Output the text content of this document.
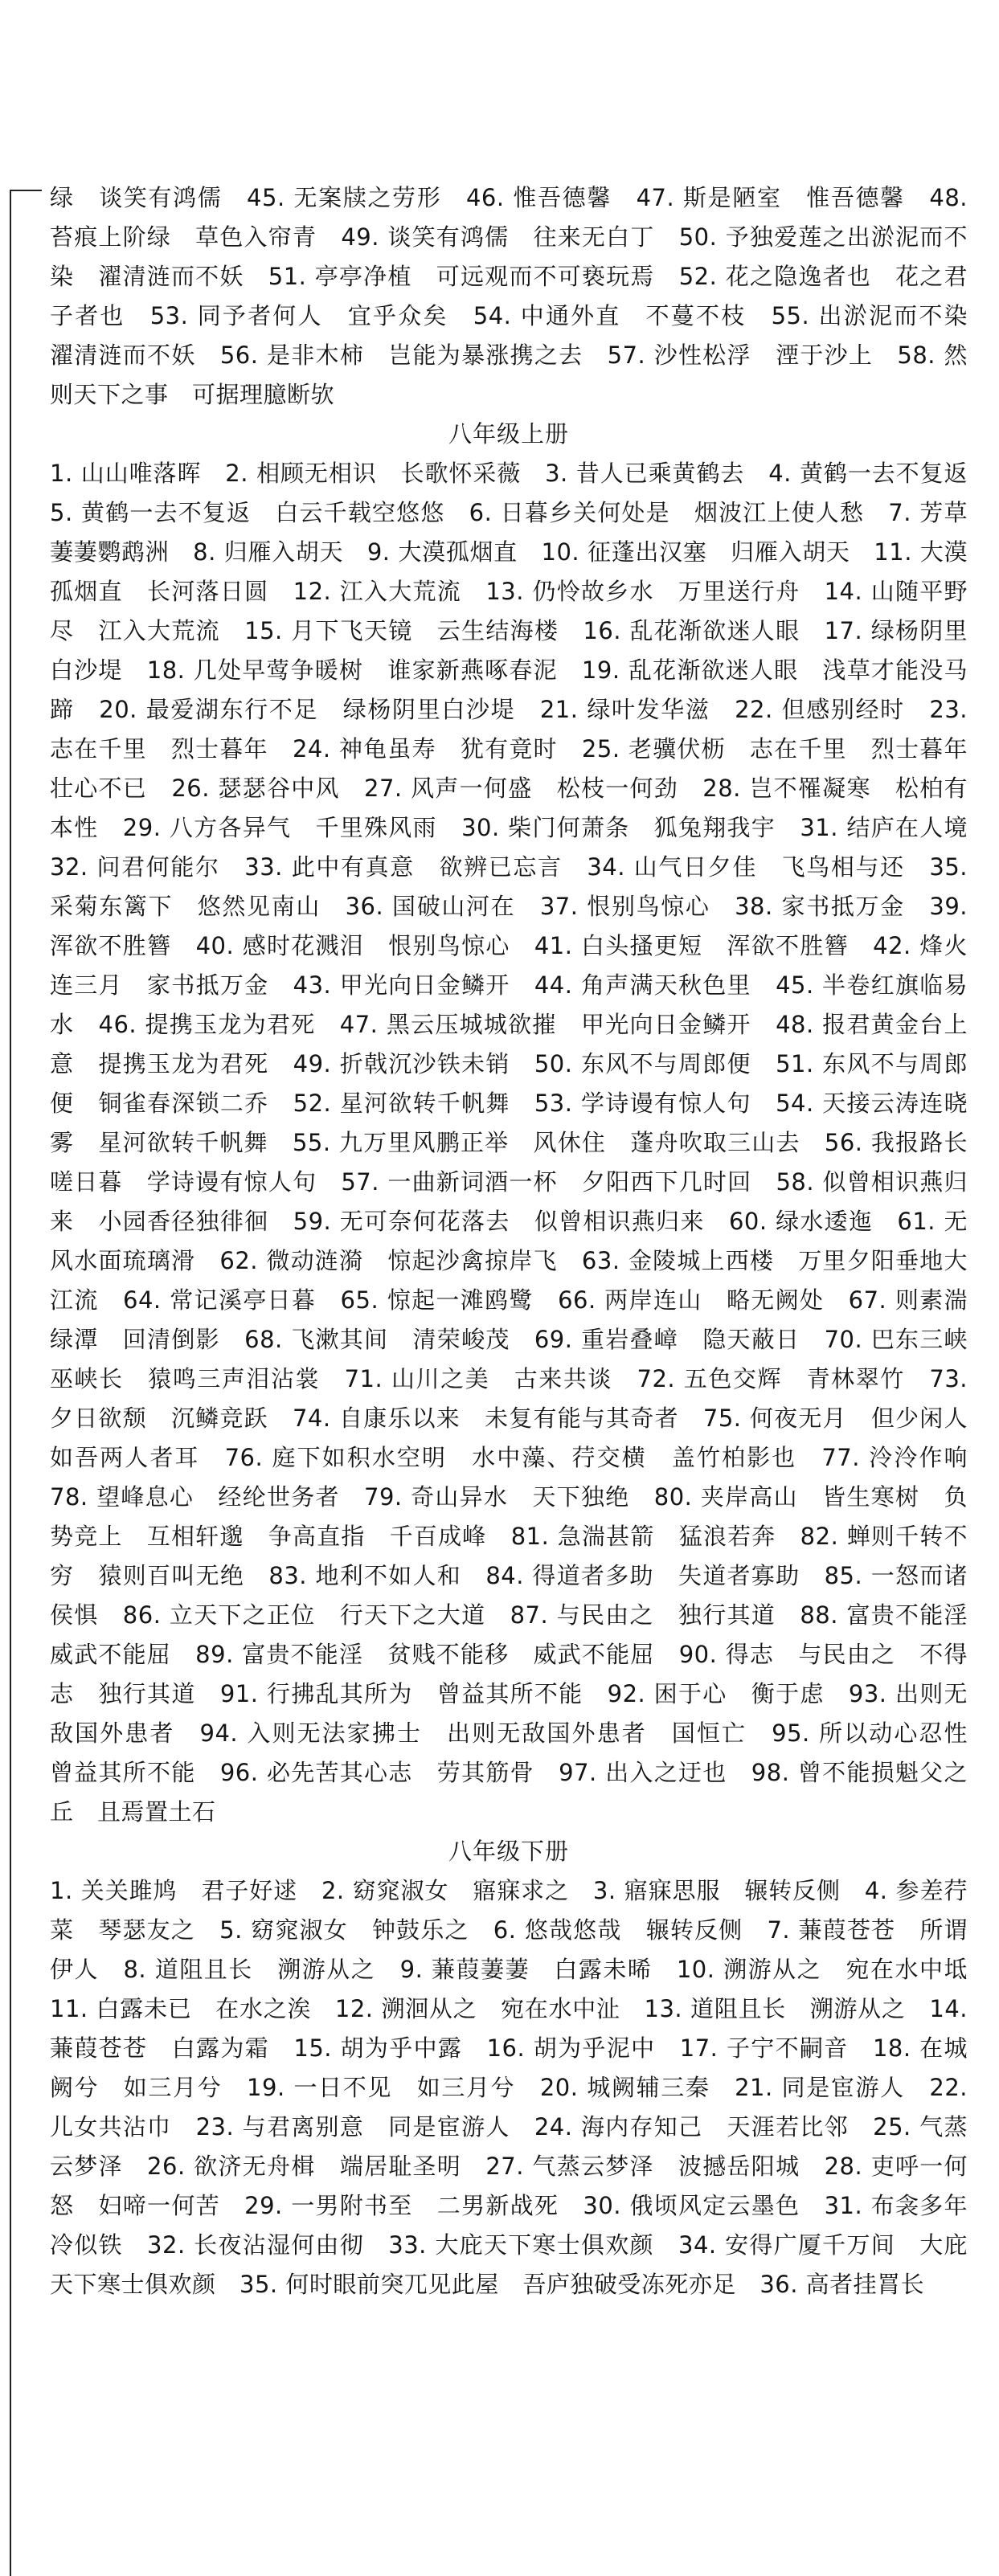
绿　谈笑有鸿儒　45. 无案牍之劳形　46. 惟吾德馨　47. 斯是陋室　惟吾德馨　48. 苔痕上阶绿　草色入帘青　49. 谈笑有鸿儒　往来无白丁　50. 予独爱莲之出淤泥而不染　濯清涟而不妖　51. 亭亭净植　可远观而不可亵玩焉　52. 花之隐逸者也　花之君子者也　53. 同予者何人　宜乎众矣　54. 中通外直　不蔓不枝　55. 出淤泥而不染　濯清涟而不妖　56. 是非木柿　岂能为暴涨携之去　57. 沙性松浮　湮于沙上　58. 然则天下之事　可据理臆断欤

八年级上册

1. 山山唯落晖　2. 相顾无相识　长歌怀采薇　3. 昔人已乘黄鹤去　4. 黄鹤一去不复返　5. 黄鹤一去不复返　白云千载空悠悠　6. 日暮乡关何处是　烟波江上使人愁　7. 芳草萋萋鹦鹉洲　8. 归雁入胡天　9. 大漠孤烟直　10. 征蓬出汉塞　归雁入胡天　11. 大漠孤烟直　长河落日圆　12. 江入大荒流　13. 仍怜故乡水　万里送行舟　14. 山随平野尽　江入大荒流　15. 月下飞天镜　云生结海楼　16. 乱花渐欲迷人眼　17. 绿杨阴里白沙堤　18. 几处早莺争暖树　谁家新燕啄春泥　19. 乱花渐欲迷人眼　浅草才能没马蹄　20. 最爱湖东行不足　绿杨阴里白沙堤　21. 绿叶发华滋　22. 但感别经时　23. 志在千里　烈士暮年　24. 神龟虽寿　犹有竟时　25. 老骥伏枥　志在千里　烈士暮年　壮心不已　26. 瑟瑟谷中风　27. 风声一何盛　松枝一何劲　28. 岂不罹凝寒　松柏有本性　29. 八方各异气　千里殊风雨　30. 柴门何萧条　狐兔翔我宇　31. 结庐在人境　32. 问君何能尔　33. 此中有真意　欲辨已忘言　34. 山气日夕佳　飞鸟相与还　35. 采菊东篱下　悠然见南山　36. 国破山河在　37. 恨别鸟惊心　38. 家书抵万金　39. 浑欲不胜簪　40. 感时花溅泪　恨别鸟惊心　41. 白头搔更短　浑欲不胜簪　42. 烽火连三月　家书抵万金　43. 甲光向日金鳞开　44. 角声满天秋色里　45. 半卷红旗临易水　46. 提携玉龙为君死　47. 黑云压城城欲摧　甲光向日金鳞开　48. 报君黄金台上意　提携玉龙为君死　49. 折戟沉沙铁未销　50. 东风不与周郎便　51. 东风不与周郎便　铜雀春深锁二乔　52. 星河欲转千帆舞　53. 学诗谩有惊人句　54. 天接云涛连晓雾　星河欲转千帆舞　55. 九万里风鹏正举　风休住　蓬舟吹取三山去　56. 我报路长嗟日暮　学诗谩有惊人句　57. 一曲新词酒一杯　夕阳西下几时回　58. 似曾相识燕归来　小园香径独徘徊　59. 无可奈何花落去　似曾相识燕归来　60. 绿水逶迤　61. 无风水面琉璃滑　62. 微动涟漪　惊起沙禽掠岸飞　63. 金陵城上西楼　万里夕阳垂地大江流　64. 常记溪亭日暮　65. 惊起一滩鸥鹭　66. 两岸连山　略无阙处　67. 则素湍绿潭　回清倒影　68. 飞漱其间　清荣峻茂　69. 重岩叠嶂　隐天蔽日　70. 巴东三峡巫峡长　猿鸣三声泪沾裳　71. 山川之美　古来共谈　72. 五色交辉　青林翠竹　73. 夕日欲颓　沉鳞竞跃　74. 自康乐以来　未复有能与其奇者　75. 何夜无月　但少闲人如吾两人者耳　76. 庭下如积水空明　水中藻、荇交横　盖竹柏影也　77. 泠泠作响　78. 望峰息心　经纶世务者　79. 奇山异水　天下独绝　80. 夹岸高山　皆生寒树　负势竞上　互相轩邈　争高直指　千百成峰　81. 急湍甚箭　猛浪若奔　82. 蝉则千转不穷　猿则百叫无绝　83. 地利不如人和　84. 得道者多助　失道者寡助　85. 一怒而诸侯惧　86. 立天下之正位　行天下之大道　87. 与民由之　独行其道　88. 富贵不能淫　威武不能屈　89. 富贵不能淫　贫贱不能移　威武不能屈　90. 得志　与民由之　不得志　独行其道　91. 行拂乱其所为　曾益其所不能　92. 困于心　衡于虑　93. 出则无敌国外患者　94. 入则无法家拂士　出则无敌国外患者　国恒亡　95. 所以动心忍性　曾益其所不能　96. 必先苦其心志　劳其筋骨　97. 出入之迂也　98. 曾不能损魁父之丘　且焉置土石

八年级下册

1. 关关雎鸠　君子好逑　2. 窈窕淑女　寤寐求之　3. 寤寐思服　辗转反侧　4. 参差荇菜　琴瑟友之　5. 窈窕淑女　钟鼓乐之　6. 悠哉悠哉　辗转反侧　7. 蒹葭苍苍　所谓伊人　8. 道阻且长　溯游从之　9. 蒹葭萋萋　白露未晞　10. 溯游从之　宛在水中坻　11. 白露未已　在水之涘　12. 溯洄从之　宛在水中沚　13. 道阻且长　溯游从之　14. 蒹葭苍苍　白露为霜　15. 胡为乎中露　16. 胡为乎泥中　17. 子宁不嗣音　18. 在城阙兮　如三月兮　19. 一日不见　如三月兮　20. 城阙辅三秦　21. 同是宦游人　22. 儿女共沾巾　23. 与君离别意　同是宦游人　24. 海内存知己　天涯若比邻　25. 气蒸云梦泽　26. 欲济无舟楫　端居耻圣明　27. 气蒸云梦泽　波撼岳阳城　28. 吏呼一何怒　妇啼一何苦　29. 一男附书至　二男新战死　30. 俄顷风定云墨色　31. 布衾多年冷似铁　32. 长夜沾湿何由彻　33. 大庇天下寒士俱欢颜　34. 安得广厦千万间　大庇天下寒士俱欢颜　35. 何时眼前突兀见此屋　吾庐独破受冻死亦足　36. 高者挂罥长
